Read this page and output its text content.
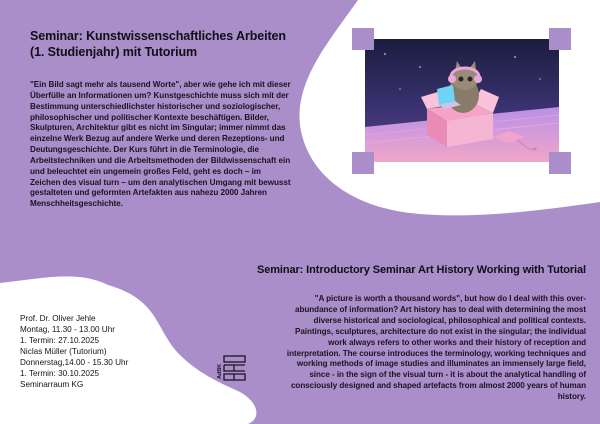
Seminar: Kunstwissenschaftliches Arbeiten
(1. Studienjahr) mit Tutorium
"Ein Bild sagt mehr als tausend Worte", aber wie gehe ich mit dieser Überfülle an Informationen um? Kunstgeschichte muss sich mit der Bestimmung unterschiedlichster historischer und soziologischer, philosophischer und politischer Kontexte beschäftigen. Bilder, Skulpturen, Architektur gibt es nicht im Singular; immer nimmt das einzelne Werk Bezug auf andere Werke und deren Rezeptions- und Deutungsgeschichte. Der Kurs führt in die Terminologie, die Arbeitstechniken und die Arbeitsmethoden der Bildwissenschaft ein und beleuchtet ein ungemein großes Feld, geht es doch – im Zeichen des visual turn – um den analytischen Umgang mit bewusst gestalteten und geformten Artefakten aus nahezu 2000 Jahren Menschheitsgeschichte.
Seminar: Introductory Seminar Art History Working with Tutorial
"A picture is worth a thousand words", but how do I deal with this over-abundance of information? Art history has to deal with determining the most diverse historical and sociological, philosophical and political contexts. Paintings, sculptures, architecture do not exist in the singular; the individual work always refers to other works and their history of reception and interpretation. The course introduces the terminology, working techniques and working methods of image studies and illuminates an immensely large field, since - in the sign of the visual turn - it is about the analytical handling of consciously designed and shaped artefacts from almost 2000 years of human history.
Prof. Dr. Oliver Jehle
Montag, 11.30 - 13.00 Uhr
1. Termin: 27.10.2025
Niclas Müller (Tutorium)
Donnerstag,14.00 - 15.30 Uhr
1. Termin: 30.10.2025
Seminarraum KG
AdBK
